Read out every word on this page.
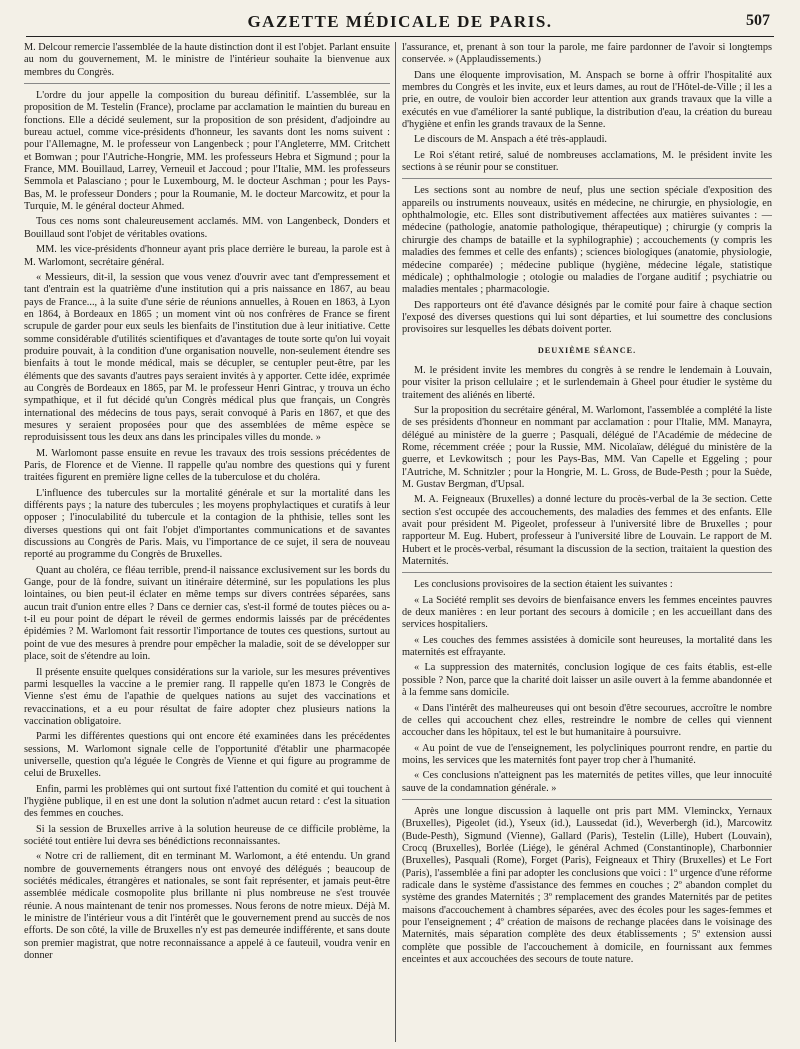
GAZETTE MÉDICALE DE PARIS.	507

M. Delcour remercie l'assemblée de la haute distinction dont il est l'objet. Parlant ensuite au nom du gouvernement, M. le ministre de l'intérieur souhaite la bienvenue aux membres du Congrès.

L'ordre du jour appelle la composition du bureau définitif. L'assemblée, sur la proposition de M. Testelin (France), proclame par acclamation le maintien du bureau en fonctions. Elle a décidé seulement, sur la proposition de son président, d'adjoindre au bureau actuel, comme vice-présidents d'honneur, les savants dont les noms suivent : pour l'Allemagne, M. le professeur von Langenbeck ; pour l'Angleterre, MM. Critchett et Bomwan ; pour l'Autriche-Hongrie, MM. les professeurs Hebra et Sigmund ; pour la France, MM. Bouillaud, Larrey, Verneuil et Jaccoud ; pour l'Italie, MM. les professeurs Semmola et Palasciano ; pour le Luxembourg, M. le docteur Aschman ; pour les Pays-Bas, M. le professeur Donders ; pour la Roumanie, M. le docteur Marcowitz, et pour la Turquie, M. le général docteur Ahmed.

Tous ces noms sont chaleureusement acclamés. MM. von Langenbeck, Donders et Bouillaud sont l'objet de véritables ovations.

MM. les vice-présidents d'honneur ayant pris place derrière le bureau, la parole est à M. Warlomont, secrétaire général.

« Messieurs, dit-il, la session que vous venez d'ouvrir avec tant d'empressement et tant d'entrain est la quatrième d'une institution qui a pris naissance en 1867, au beau pays de France..., à la suite d'une série de réunions annuelles, à Rouen en 1863, à Lyon en 1864, à Bordeaux en 1865 ; un moment vint où nos confrères de France se firent scrupule de garder pour eux seuls les bienfaits de l'institution due à leur initiative. Cette somme considérable d'utilités scientifiques et d'avantages de toute sorte qu'on lui voyait produire pouvait, à la condition d'une organisation nouvelle, non-seulement étendre ses bienfaits à tout le monde médical, mais se décupler, se centupler peut-être, par les éléments que des savants d'autres pays seraient invités à y apporter. Cette idée, exprimée au Congrès de Bordeaux en 1865, par M. le professeur Henri Gintrac, y trouva un écho sympathique, et il fut décidé qu'un Congrès médical plus que français, un Congrès international des médecins de tous pays, serait convoqué à Paris en 1867, et que des mesures y seraient proposées pour que des assemblées de même espèce se reproduisissent tous les deux ans dans les principales villes du monde. »

M. Warlomont passe ensuite en revue les travaux des trois sessions précédentes de Paris, de Florence et de Vienne. Il rappelle qu'au nombre des questions qui y furent traitées figurent en première ligne celles de la tuberculose et du choléra.

L'influence des tubercules sur la mortalité générale et sur la mortalité dans les différents pays ; la nature des tubercules ; les moyens prophylactiques et curatifs à leur opposer ; l'inoculabilité du tubercule et la contagion de la phthisie, telles sont les diverses questions qui ont fait l'objet d'importantes communications et de savantes discussions au Congrès de Paris. Mais, vu l'importance de ce sujet, il sera de nouveau reporté au programme du Congrès de Bruxelles.

Quant au choléra, ce fléau terrible, prend-il naissance exclusivement sur les bords du Gange, pour de là fondre, suivant un itinéraire déterminé, sur les populations les plus lointaines, ou bien peut-il éclater en même temps sur divers contrées séparées, sans aucun trait d'union entre elles ? Dans ce dernier cas, s'est-il formé de toutes pièces ou a-t-il eu pour point de départ le réveil de germes endormis laissés par de précédentes épidémies ? M. Warlomont fait ressortir l'importance de toutes ces questions, surtout au point de vue des mesures à prendre pour empêcher la maladie, soit de se développer sur place, soit de s'étendre au loin.

Il présente ensuite quelques considérations sur la variole, sur les mesures préventives parmi lesquelles la vaccine a le premier rang. Il rappelle qu'en 1873 le Congrès de Vienne s'est ému de l'apathie de quelques nations au sujet des vaccinations et revaccinations, et a eu pour résultat de faire adopter chez plusieurs nations la vaccination obligatoire.

Parmi les différentes questions qui ont encore été examinées dans les précédentes sessions, M. Warlomont signale celle de l'opportunité d'établir une pharmacopée universelle, question qu'a léguée le Congrès de Vienne et qui figure au programme de celui de Bruxelles.

Enfin, parmi les problèmes qui ont surtout fixé l'attention du comité et qui touchent à l'hygiène publique, il en est une dont la solution n'admet aucun retard : c'est la situation des femmes en couches.

Si la session de Bruxelles arrive à la solution heureuse de ce difficile problème, la société tout entière lui devra ses bénédictions reconnaissantes.

« Notre cri de ralliement, dit en terminant M. Warlomont, a été entendu. Un grand nombre de gouvernements étrangers nous ont envoyé des délégués ; beaucoup de sociétés médicales, étrangères et nationales, se sont fait représenter, et jamais peut-être assemblée médicale cosmopolite plus brillante ni plus nombreuse ne s'est trouvée réunie. A nous maintenant de tenir nos promesses. Nous ferons de notre mieux. Déjà M. le ministre de l'intérieur vous a dit l'intérêt que le gouvernement prend au succès de nos efforts. De son côté, la ville de Bruxelles n'y est pas demeurée indifférente, et sans doute son premier magistrat, que notre reconnaissance a appelé à ce fauteuil, voudra venir en donner

l'assurance, et, prenant à son tour la parole, me faire pardonner de l'avoir si longtemps conservée. » (Applaudissements.)

Dans une éloquente improvisation, M. Anspach se borne à offrir l'hospitalité aux membres du Congrès et les invite, eux et leurs dames, au rout de l'Hôtel-de-Ville ; il les a prie, en outre, de vouloir bien accorder leur attention aux grands travaux que la ville a exécutés en vue d'améliorer la santé publique, la distribution d'eau, la création du bureau d'hygiène et enfin les grands travaux de la Senne.

Le discours de M. Anspach a été très-applaudi.

Le Roi s'étant retiré, salué de nombreuses acclamations, M. le président invite les sections à se réunir pour se constituer.

Les sections sont au nombre de neuf, plus une section spéciale d'exposition des appareils ou instruments nouveaux, usités en médecine, ne chirurgie, en physiologie, en ophthalmologie, etc. Elles sont distributivement affectées aux matières suivantes : — médecine (pathologie, anatomie pathologique, thérapeutique) ; chirurgie (y compris la chirurgie des champs de bataille et la syphilographie) ; accouchements (y compris les maladies des femmes et celle des enfants) ; sciences biologiques (anatomie, physiologie, médecine comparée) ; médecine publique (hygiène, médecine légale, statistique médicale) ; ophthalmologie ; otologie ou maladies de l'organe auditif ; psychiatrie ou maladies mentales ; pharmacologie.

Des rapporteurs ont été d'avance désignés par le comité pour faire à chaque section l'exposé des diverses questions qui lui sont départies, et lui soumettre des conclusions provisoires sur lesquelles les débats doivent porter.

DEUXIÈME SÉANCE.

M. le président invite les membres du congrès à se rendre le lendemain à Louvain, pour visiter la prison cellulaire ; et le surlendemain à Gheel pour étudier le système du traitement des aliénés en liberté.

Sur la proposition du secrétaire général, M. Warlomont, l'assemblée a complété la liste de ses présidents d'honneur en nommant par acclamation : pour l'Italie, MM. Manayra, délégué au ministère de la guerre ; Pasquali, délégué de l'Académie de médecine de Rome, récemment créée ; pour la Russie, MM. Nicolaïaw, délégué du ministère de la guerre, et Levkowitsch ; pour les Pays-Bas, MM. Van Capelle et Eggeling ; pour l'Autriche, M. Schnitzler ; pour la Hongrie, M. L. Gross, de Bude-Pesth ; pour la Suède, M. Gustav Bergman, d'Upsal.

M. A. Feigneaux (Bruxelles) a donné lecture du procès-verbal de la 3e section. Cette section s'est occupée des accouchements, des maladies des femmes et des enfants. Elle avait pour président M. Pigeolet, professeur à l'université libre de Bruxelles ; pour rapporteur M. Eug. Hubert, professeur à l'université libre de Louvain. Le rapport de M. Hubert et le procès-verbal, résumant la discussion de la section, traitaient la question des Maternités.

Les conclusions provisoires de la section étaient les suivantes :

« La Société remplit ses devoirs de bienfaisance envers les femmes enceintes pauvres de deux manières : en leur portant des secours à domicile ; en les accueillant dans des services hospitaliers.

« Les couches des femmes assistées à domicile sont heureuses, la mortalité dans les maternités est effrayante.

« La suppression des maternités, conclusion logique de ces faits établis, est-elle possible ? Non, parce que la charité doit laisser un asile ouvert à la femme abandonnée et à la femme sans domicile.

« Dans l'intérêt des malheureuses qui ont besoin d'être secourues, accroître le nombre de celles qui accouchent chez elles, restreindre le nombre de celles qui viennent accoucher dans les hôpitaux, tel est le but humanitaire à poursuivre.

« Au point de vue de l'enseignement, les polycliniques pourront rendre, en partie du moins, les services que les maternités font payer trop cher à l'humanité.

« Ces conclusions n'atteignent pas les maternités de petites villes, que leur innocuité sauve de la condamnation générale. »

Après une longue discussion à laquelle ont pris part MM. Vleminckx, Yernaux (Bruxelles), Pigeolet (id.), Yseux (id.), Laussedat (id.), Weverbergh (id.), Marcowitz (Bude-Pesth), Sigmund (Vienne), Gallard (Paris), Testelin (Lille), Hubert (Louvain), Crocq (Bruxelles), Borlée (Liége), le général Achmed (Constantinople), Charbonnier (Bruxelles), Pasquali (Rome), Forget (Paris), Feigneaux et Thiry (Bruxelles) et Le Fort (Paris), l'assemblée a fini par adopter les conclusions que voici : 1º urgence d'une réforme radicale dans le système d'assistance des femmes en couches ; 2º abandon complet du système des grandes Maternités ; 3º remplacement des grandes Maternités par de petites maisons d'accouchement à chambres séparées, avec des écoles pour les sages-femmes et pour l'enseignement ; 4º création de maisons de rechange placées dans le voisinage des Maternités, mais séparation complète des deux établissements ; 5º extension aussi complète que possible de l'accouchement à domicile, en fournissant aux femmes enceintes et aux accouchées des secours de toute nature.
